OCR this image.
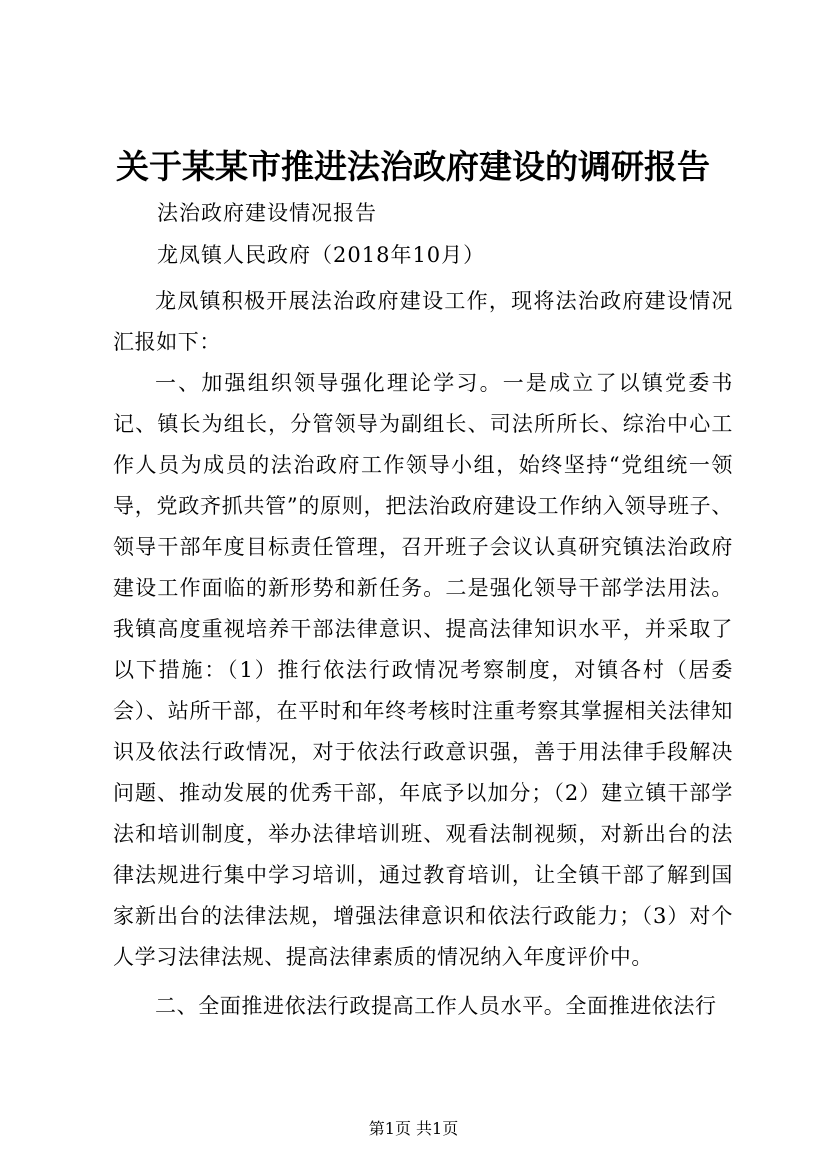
关于某某市推进法治政府建设的调研报告
法治政府建设情况报告
龙凤镇人民政府（2018年10月）
龙凤镇积极开展法治政府建设工作，现将法治政府建设情况汇报如下：
一、加强组织领导强化理论学习。一是成立了以镇党委书记、镇长为组长，分管领导为副组长、司法所所长、综治中心工作人员为成员的法治政府工作领导小组，始终坚持“党组统一领导，党政齐抓共管”的原则，把法治政府建设工作纳入领导班子、领导干部年度目标责任管理，召开班子会议认真研究镇法治政府建设工作面临的新形势和新任务。二是强化领导干部学法用法。我镇高度重视培养干部法律意识、提高法律知识水平，并采取了以下措施：（1）推行依法行政情况考察制度，对镇各村（居委会）、站所干部，在平时和年终考核时注重考察其掌握相关法律知识及依法行政情况，对于依法行政意识强，善于用法律手段解决问题、推动发展的优秀干部，年底予以加分；（2）建立镇干部学法和培训制度，举办法律培训班、观看法制视频，对新出台的法律法规进行集中学习培训，通过教育培训，让全镇干部了解到国家新出台的法律法规，增强法律意识和依法行政能力；（3）对个人学习法律法规、提高法律素质的情况纳入年度评价中。
二、全面推进依法行政提高工作人员水平。全面推进依法行
第1页 共1页
